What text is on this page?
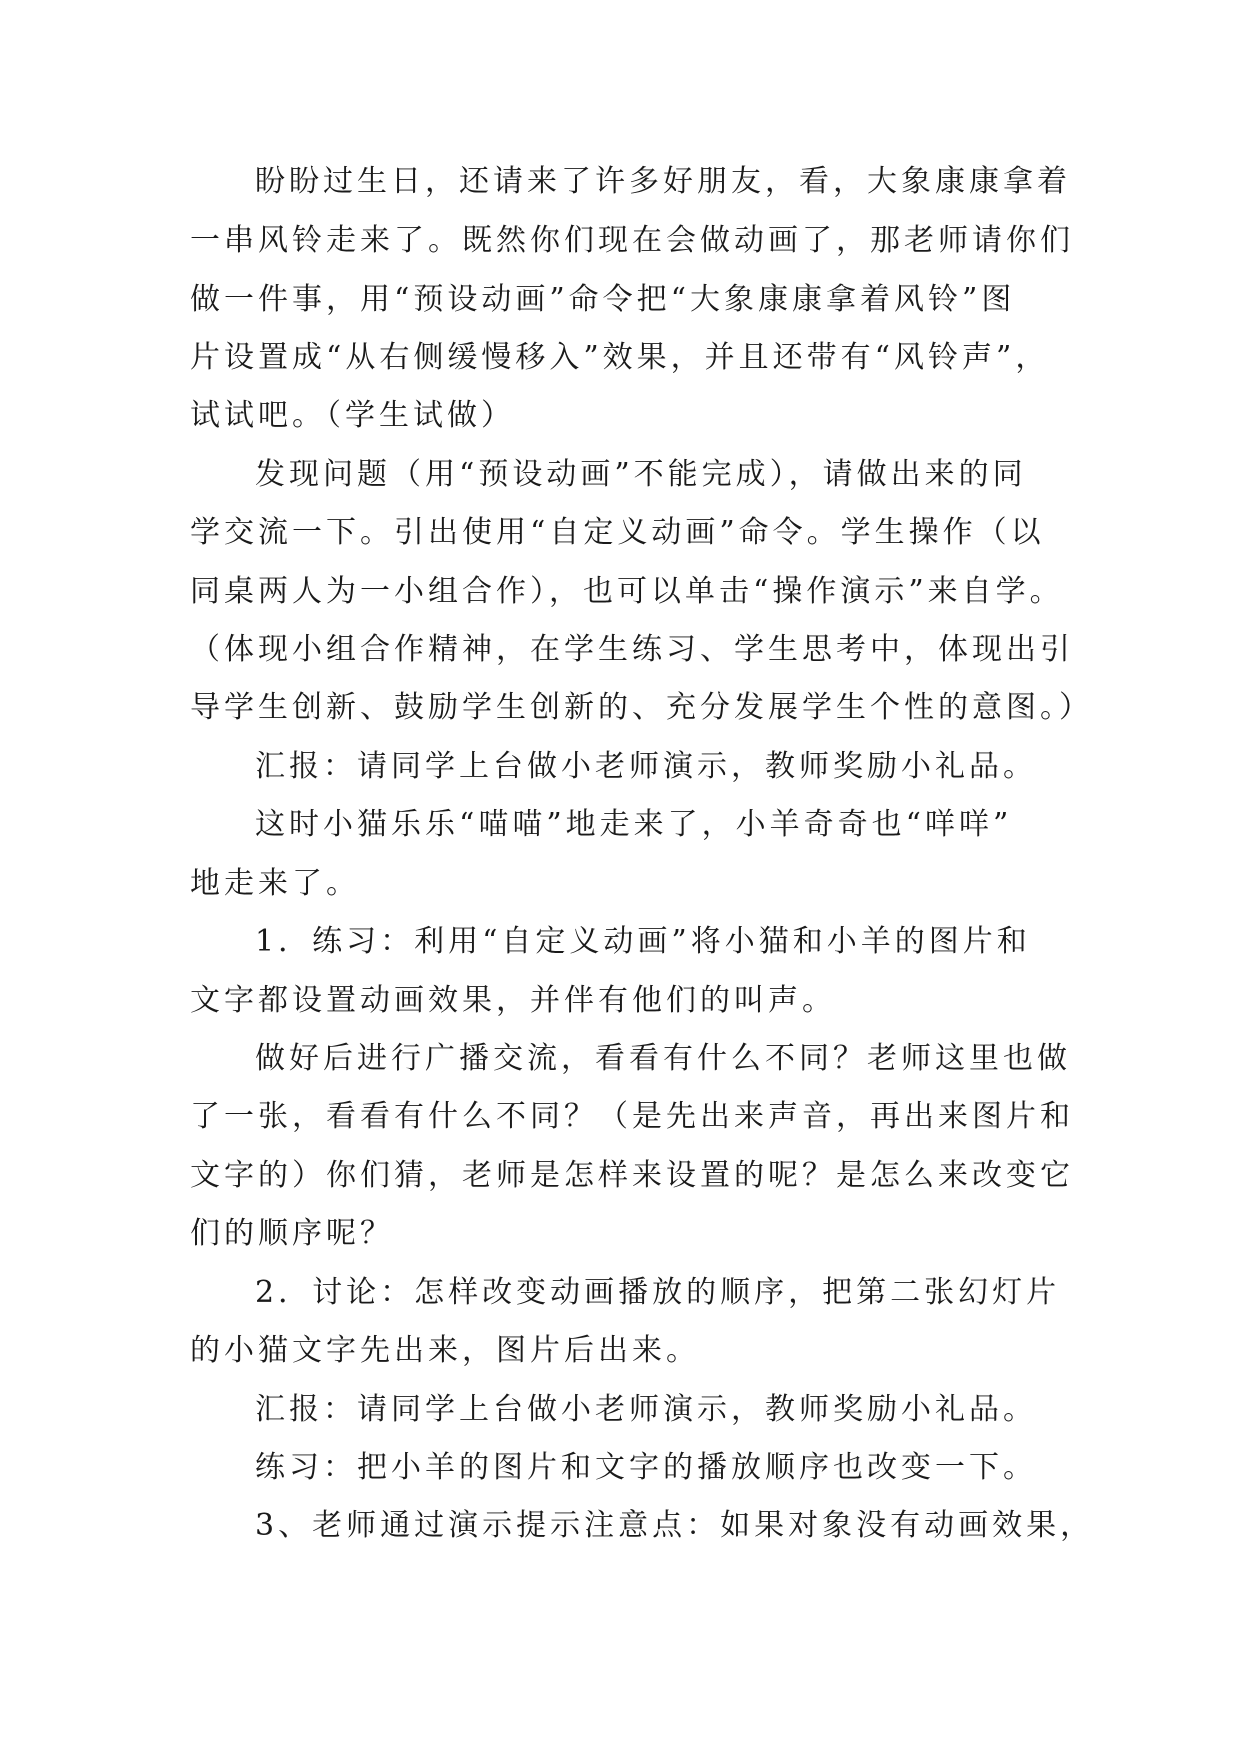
盼盼过生日，还请来了许多好朋友，看，大象康康拿着

一串风铃走来了。既然你们现在会做动画了，那老师请你们

做一件事，用“预设动画”命令把“大象康康拿着风铃”图

片设置成“从右侧缓慢移入”效果，并且还带有“风铃声”，

试试吧。（学生试做）

发现问题（用“预设动画”不能完成），请做出来的同

学交流一下。引出使用“自定义动画”命令。学生操作（以

同桌两人为一小组合作），也可以单击“操作演示”来自学。

（体现小组合作精神，在学生练习、学生思考中，体现出引

导学生创新、鼓励学生创新的、充分发展学生个性的意图。）

汇报：请同学上台做小老师演示，教师奖励小礼品。

这时小猫乐乐“喵喵”地走来了，小羊奇奇也“咩咩”

地走来了。

1．练习：利用“自定义动画”将小猫和小羊的图片和

文字都设置动画效果，并伴有他们的叫声。

做好后进行广播交流，看看有什么不同？老师这里也做

了一张，看看有什么不同？（是先出来声音，再出来图片和

文字的）你们猜，老师是怎样来设置的呢？是怎么来改变它

们的顺序呢？

2．讨论：怎样改变动画播放的顺序，把第二张幻灯片

的小猫文字先出来，图片后出来。

汇报：请同学上台做小老师演示，教师奖励小礼品。

练习：把小羊的图片和文字的播放顺序也改变一下。

3、老师通过演示提示注意点：如果对象没有动画效果，
